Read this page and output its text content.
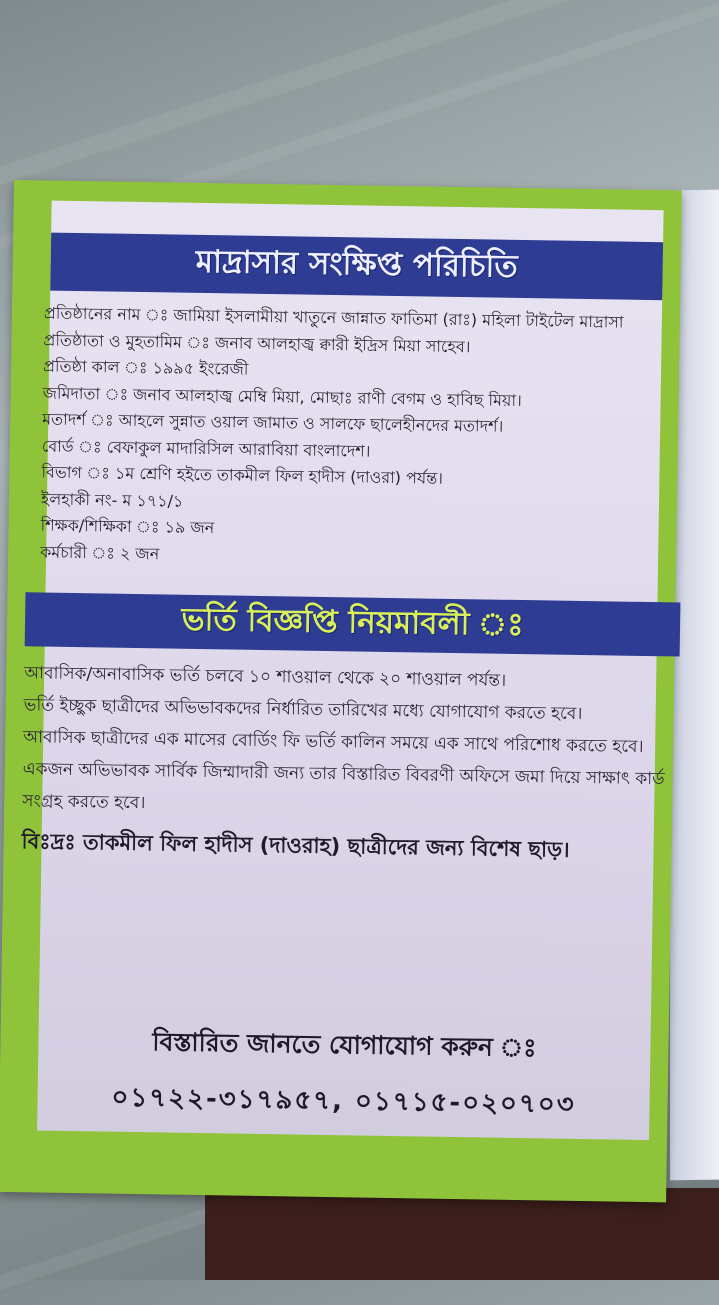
মাদ্রাসার সংক্ষিপ্ত পরিচিতি
প্রতিষ্ঠানের নাম ঃ জামিয়া ইসলামীয়া খাতুনে জান্নাত ফাতিমা (রাঃ) মহিলা টাইটেল মাদ্রাসা
প্রতিষ্ঠাতা ও মুহতামিম ঃ জনাব আলহাজ্ব ক্বারী ইদ্রিস মিয়া সাহেব।
প্রতিষ্ঠা কাল ঃ ১৯৯৫ ইংরেজী
জমিদাতা ঃ জনাব আলহাজ্ব মেম্বি মিয়া, মোছাঃ রাণী বেগম ও হাবিছ মিয়া।
মতাদর্শ ঃ আহলে সুন্নাত ওয়াল জামাত ও সালফে ছালেহীনদের মতাদর্শ।
বোর্ড ঃ বেফাকুল মাদারিসিল আরাবিয়া বাংলাদেশ।
বিভাগ ঃ ১ম শ্রেণি হইতে তাকমীল ফিল হাদীস (দাওরা) পর্যন্ত।
ইলহাকী নং- ম ১৭১/১
শিক্ষক/শিক্ষিকা ঃ ১৯ জন
কর্মচারী ঃ ২ জন
ভর্তি বিজ্ঞপ্তি নিয়মাবলী ঃ
আবাসিক/অনাবাসিক ভর্তি চলবে ১০ শাওয়াল থেকে ২০ শাওয়াল পর্যন্ত।
ভর্তি ইচ্ছুক ছাত্রীদের অভিভাবকদের নির্ধারিত তারিখের মধ্যে যোগাযোগ করতে হবে।
আবাসিক ছাত্রীদের এক মাসের বোর্ডিং ফি ভর্তি কালিন সময়ে এক সাথে পরিশোধ করতে হবে।
একজন অভিভাবক সার্বিক জিম্মাদারী জন্য তার বিস্তারিত বিবরণী অফিসে জমা দিয়ে সাক্ষাৎ কার্ড
সংগ্রহ করতে হবে।
বিঃদ্রঃ তাকমীল ফিল হাদীস (দাওরাহ) ছাত্রীদের জন্য বিশেষ ছাড়।
বিস্তারিত জানতে যোগাযোগ করুন ঃ
০১৭২২-৩১৭৯৫৭, ০১৭১৫-০২০৭০৩
